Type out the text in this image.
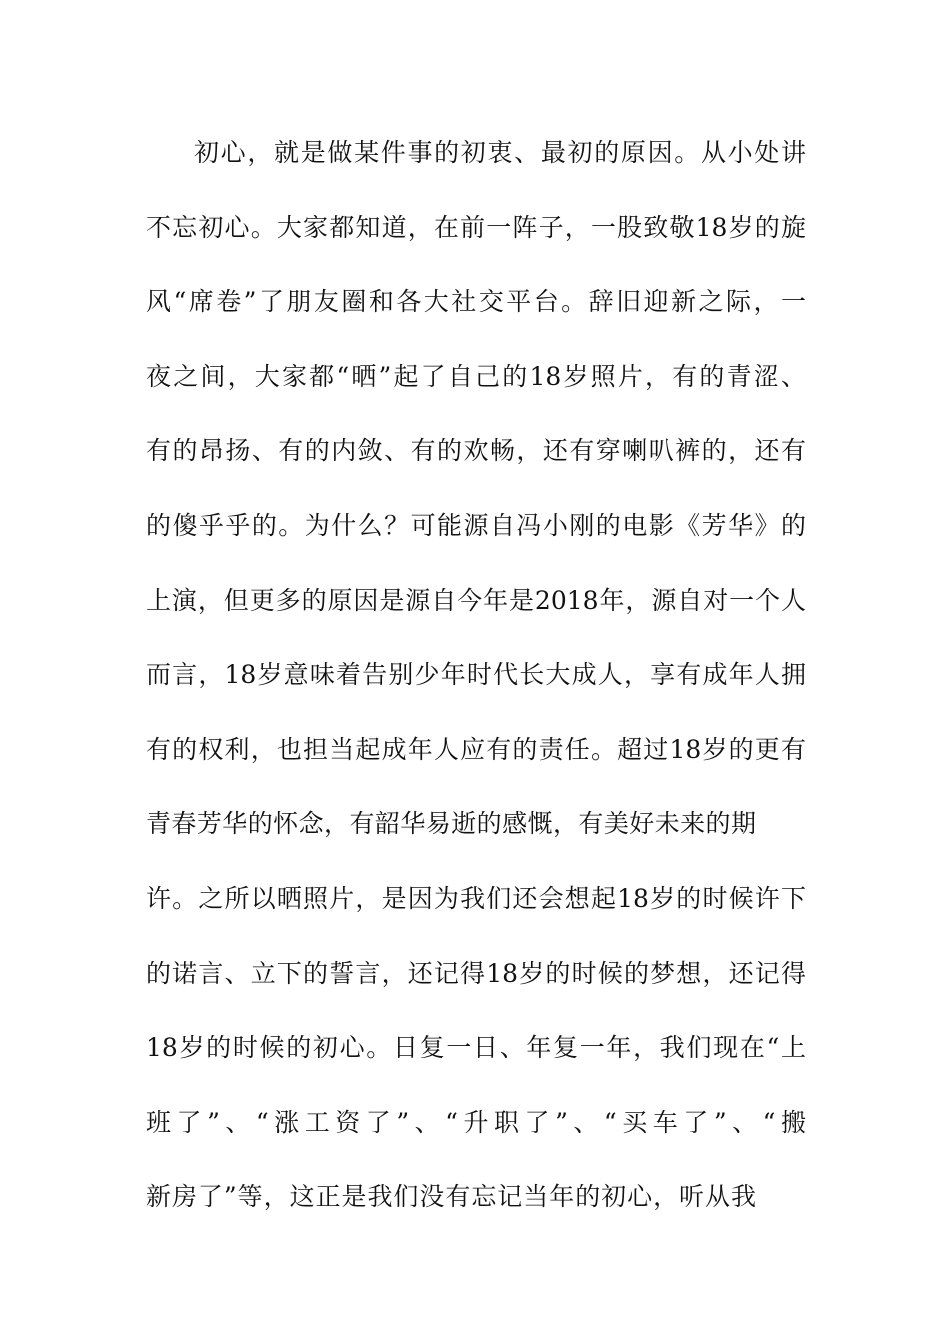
初心，就是做某件事的初衷、最初的原因。从小处讲
不忘初心。大家都知道，在前一阵子，一股致敬18岁的旋
风“席卷”了朋友圈和各大社交平台。辞旧迎新之际，一
夜之间，大家都“晒”起了自己的18岁照片，有的青涩、
有的昂扬、有的内敛、有的欢畅，还有穿喇叭裤的，还有
的傻乎乎的。为什么？可能源自冯小刚的电影《芳华》的
上演，但更多的原因是源自今年是2018年，源自对一个人
而言，18岁意味着告别少年时代长大成人，享有成年人拥
有的权利，也担当起成年人应有的责任。超过18岁的更有
青春芳华的怀念，有韶华易逝的感慨，有美好未来的期
许。之所以晒照片，是因为我们还会想起18岁的时候许下
的诺言、立下的誓言，还记得18岁的时候的梦想，还记得
18岁的时候的初心。日复一日、年复一年，我们现在“上
班了”、“涨工资了”、“升职了”、“买车了”、“搬
新房了”等，这正是我们没有忘记当年的初心，听从我
